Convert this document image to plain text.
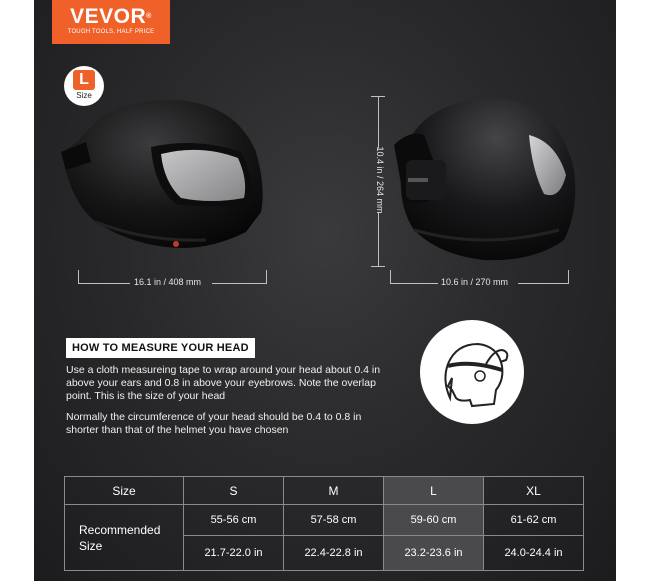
VEVOR®
TOUGH TOOLS, HALF PRICE
L
Size
16.1 in / 408 mm
10.4 in / 264 mm
10.6 in / 270 mm
HOW TO MEASURE YOUR HEAD
Use a cloth measureing tape to wrap around your head about 0.4 in above your ears and 0.8 in above your eyebrows. Note the overlap point. This is the size of your head
Normally the circumference of your head should be 0.4 to 0.8 in shorter than that of the helmet you have chosen
Size	S	M	L	XL
Recommended Size	55-56 cm	57-58 cm	59-60 cm	61-62 cm
	21.7-22.0 in	22.4-22.8 in	23.2-23.6 in	24.0-24.4 in
